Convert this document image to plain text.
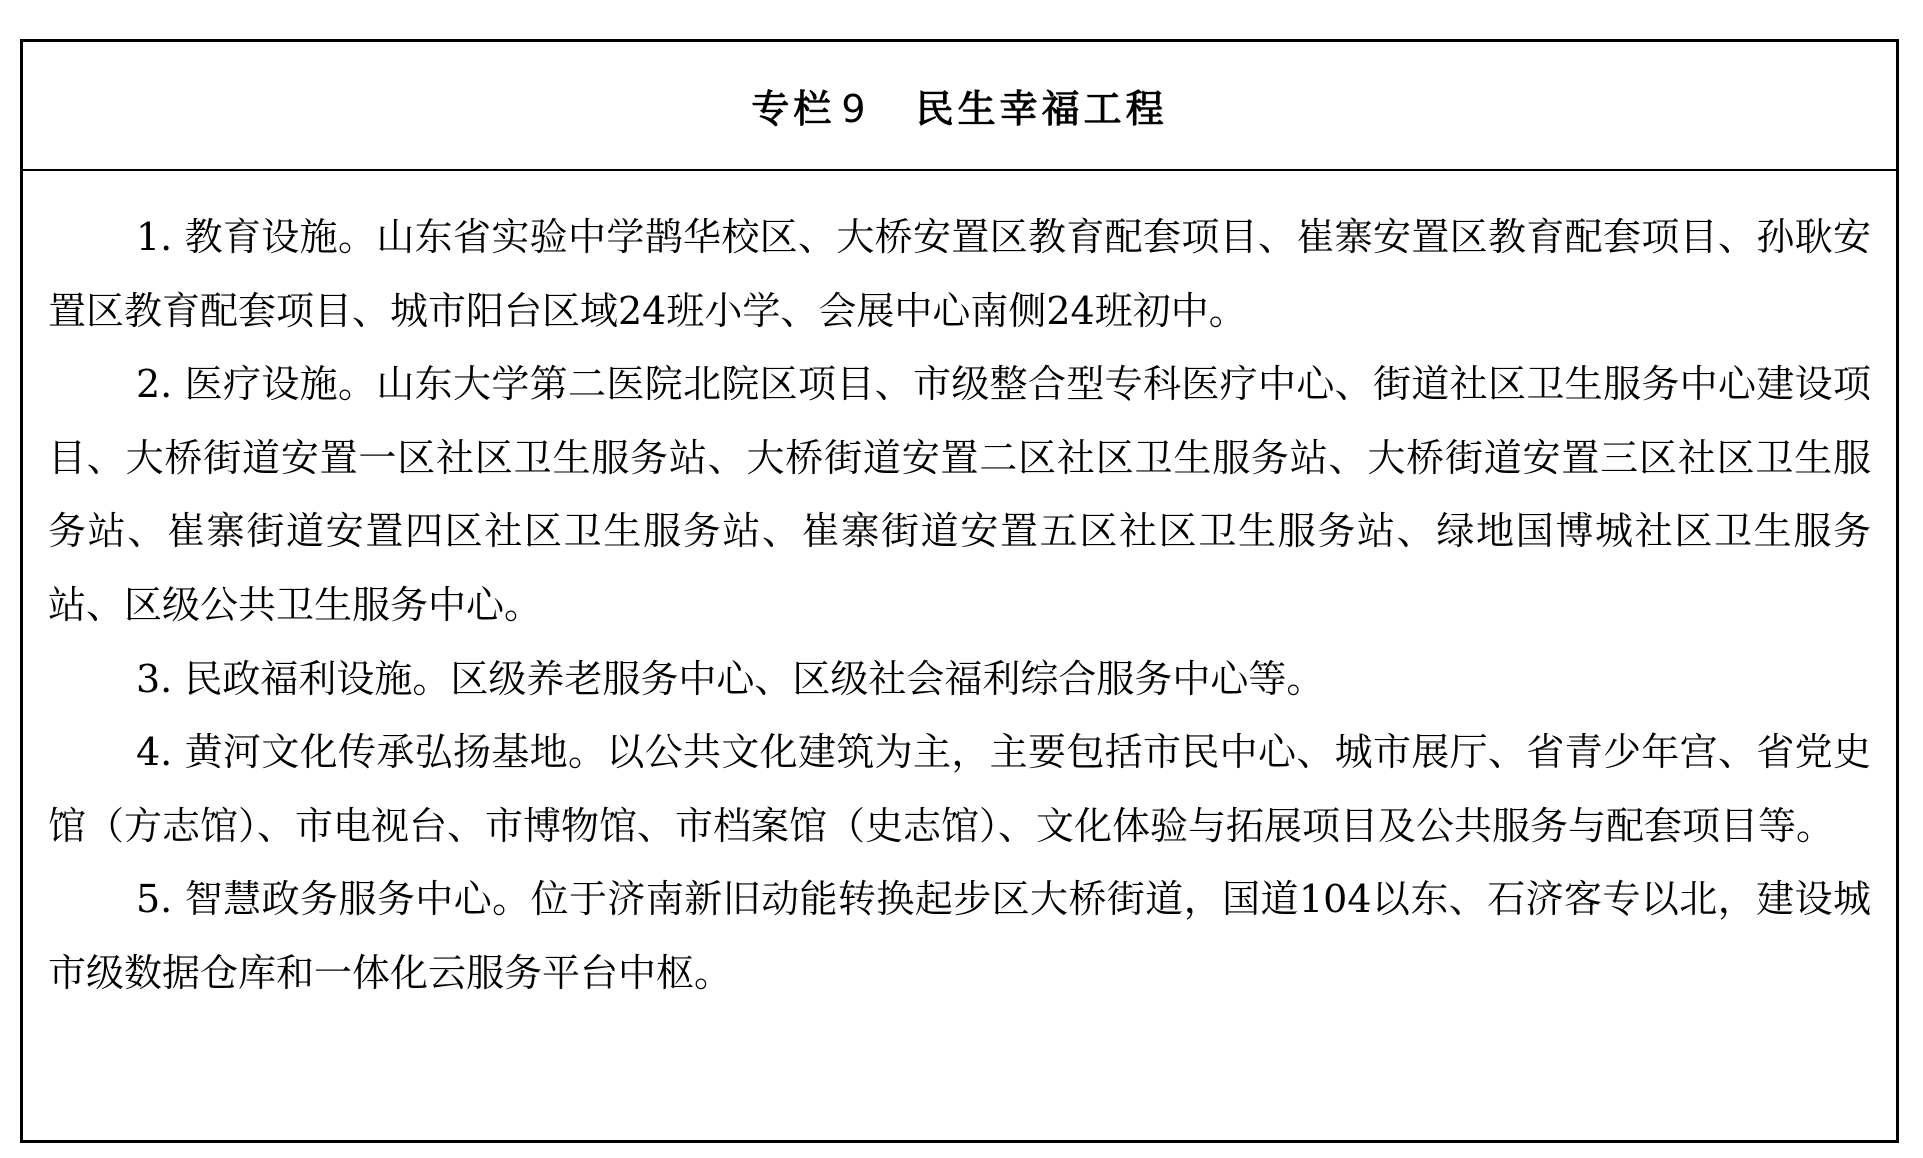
专栏 9 民生幸福工程

1. 教育设施。山东省实验中学鹊华校区、大桥安置区教育配套项目、崔寨安置区教育配套项目、孙耿安置区教育配套项目、城市阳台区域24班小学、会展中心南侧24班初中。

2. 医疗设施。山东大学第二医院北院区项目、市级整合型专科医疗中心、街道社区卫生服务中心建设项目、大桥街道安置一区社区卫生服务站、大桥街道安置二区社区卫生服务站、大桥街道安置三区社区卫生服务站、崔寨街道安置四区社区卫生服务站、崔寨街道安置五区社区卫生服务站、绿地国博城社区卫生服务站、区级公共卫生服务中心。

3. 民政福利设施。区级养老服务中心、区级社会福利综合服务中心等。

4. 黄河文化传承弘扬基地。以公共文化建筑为主，主要包括市民中心、城市展厅、省青少年宫、省党史馆（方志馆）、市电视台、市博物馆、市档案馆（史志馆）、文化体验与拓展项目及公共服务与配套项目等。

5. 智慧政务服务中心。位于济南新旧动能转换起步区大桥街道，国道104以东、石济客专以北，建设城市级数据仓库和一体化云服务平台中枢。
